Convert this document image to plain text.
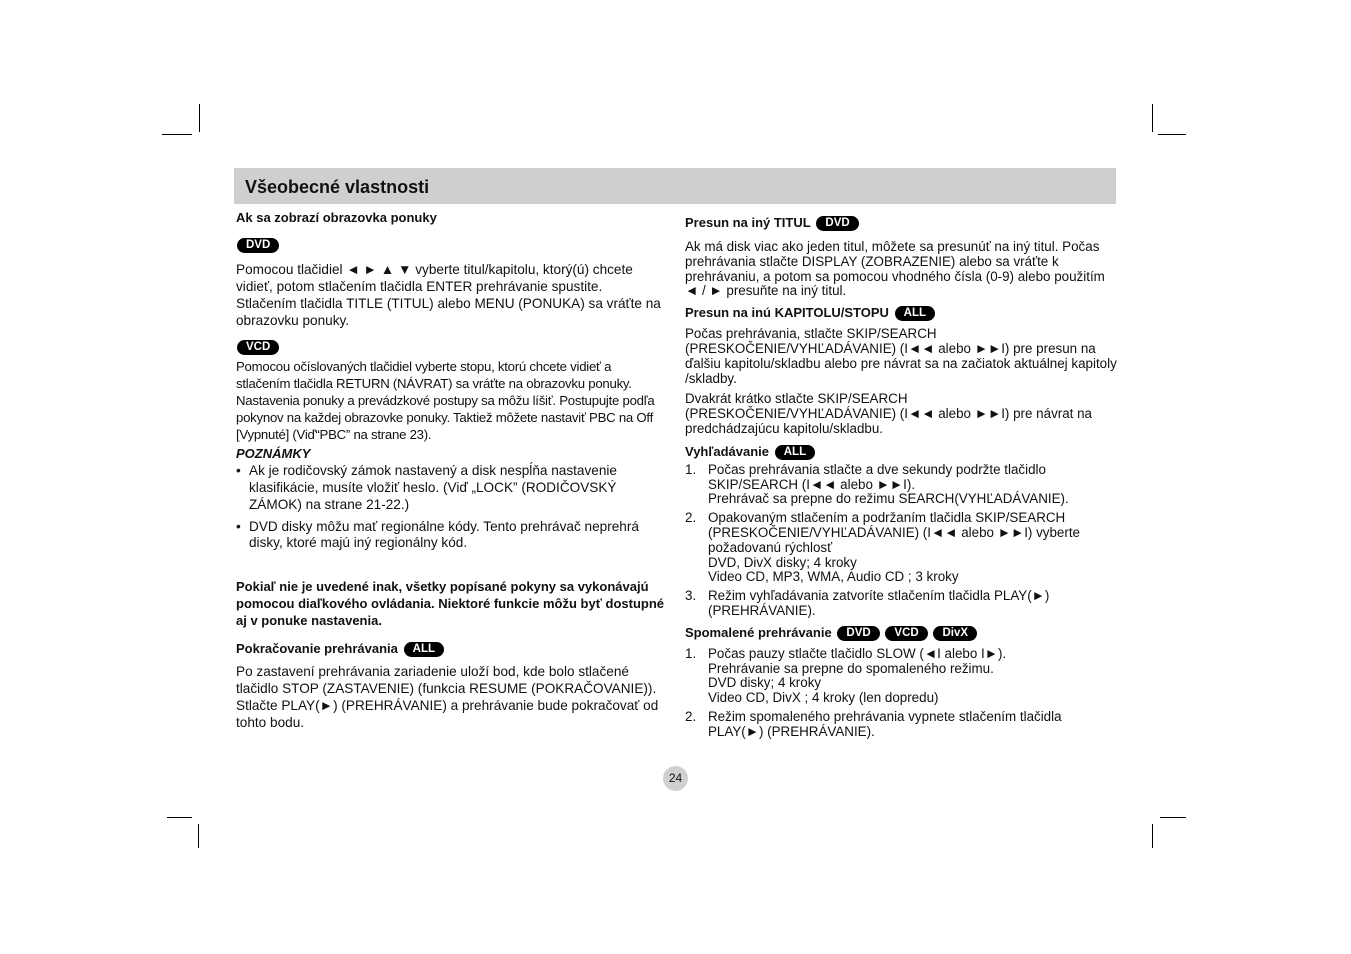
Všeobecné vlastnosti

Ak sa zobrazí obrazovka ponuky

DVD

Pomocou tlačidiel ◄ ► ▲ ▼ vyberte titul/kapitolu, ktorý(ú) chcete vidieť, potom stlačením tlačidla ENTER prehrávanie spustite. Stlačením tlačidla TITLE (TITUL) alebo MENU (PONUKA) sa vráťte na obrazovku ponuky.

VCD

Pomocou očíslovaných tlačidiel vyberte stopu, ktorú chcete vidieť a stlačením tlačidla RETURN (NÁVRAT) sa vráťte na obrazovku ponuky. Nastavenia ponuky a prevádzkové postupy sa môžu líšiť. Postupujte podľa pokynov na každej obrazovke ponuky. Taktiež môžete nastaviť PBC na Off [Vypnuté] (Viď“PBC” na strane 23).

POZNÁMKY

• Ak je rodičovský zámok nastavený a disk nespĺňa nastavenie klasifikácie, musíte vložiť heslo. (Viď „LOCK” (RODIČOVSKÝ ZÁMOK) na strane 21-22.)
• DVD disky môžu mať regionálne kódy. Tento prehrávač neprehrá disky, ktoré majú iný regionálny kód.

Pokiaľ nie je uvedené inak, všetky popísané pokyny sa vykonávajú pomocou diaľkového ovládania. Niektoré funkcie môžu byť dostupné aj v ponuke nastavenia.

Pokračovanie prehrávania ALL

Po zastavení prehrávania zariadenie uloží bod, kde bolo stlačené tlačidlo STOP (ZASTAVENIE) (funkcia RESUME (POKRAČOVANIE)).

Stlačte PLAY(►) (PREHRÁVANIE) a prehrávanie bude pokračovať od tohto bodu.

Presun na iný TITUL DVD

Ak má disk viac ako jeden titul, môžete sa presunúť na iný titul. Počas prehrávania stlačte DISPLAY (ZOBRAZENIE) alebo sa vráťte k prehrávaniu, a potom sa pomocou vhodného čísla (0-9) alebo použitím ◄ / ► presuňte na iný titul.

Presun na inú KAPITOLU/STOPU ALL

Počas prehrávania, stlačte SKIP/SEARCH (PRESKOČENIE/VYHĽADÁVANIE) (I◄◄ alebo ►►I) pre presun na ďalšiu kapitolu/skladbu alebo pre návrat sa na začiatok aktuálnej kapitoly /skladby.

Dvakrát krátko stlačte SKIP/SEARCH (PRESKOČENIE/VYHĽADÁVANIE) (I◄◄ alebo ►►I) pre návrat na predchádzajúcu kapitolu/skladbu.

Vyhľadávanie ALL

1. Počas prehrávania stlačte a dve sekundy podržte tlačidlo SKIP/SEARCH (I◄◄ alebo ►►I).
Prehrávač sa prepne do režimu SEARCH(VYHĽADÁVANIE).
2. Opakovaným stlačením a podržaním tlačidla SKIP/SEARCH (PRESKOČENIE/VYHĽADÁVANIE) (I◄◄ alebo ►►I) vyberte požadovanú rýchlosť
DVD, DivX disky; 4 kroky
Video CD, MP3, WMA, Audio CD ; 3 kroky
3. Režim vyhľadávania zatvoríte stlačením tlačidla PLAY(►) (PREHRÁVANIE).

Spomalené prehrávanie DVD VCD DivX

1. Počas pauzy stlačte tlačidlo SLOW (◄I alebo I►).
Prehrávanie sa prepne do spomaleného režimu.
DVD disky; 4 kroky
Video CD, DivX ; 4 kroky (len dopredu)
2. Režim spomaleného prehrávania vypnete stlačením tlačidla PLAY(►) (PREHRÁVANIE).
24
